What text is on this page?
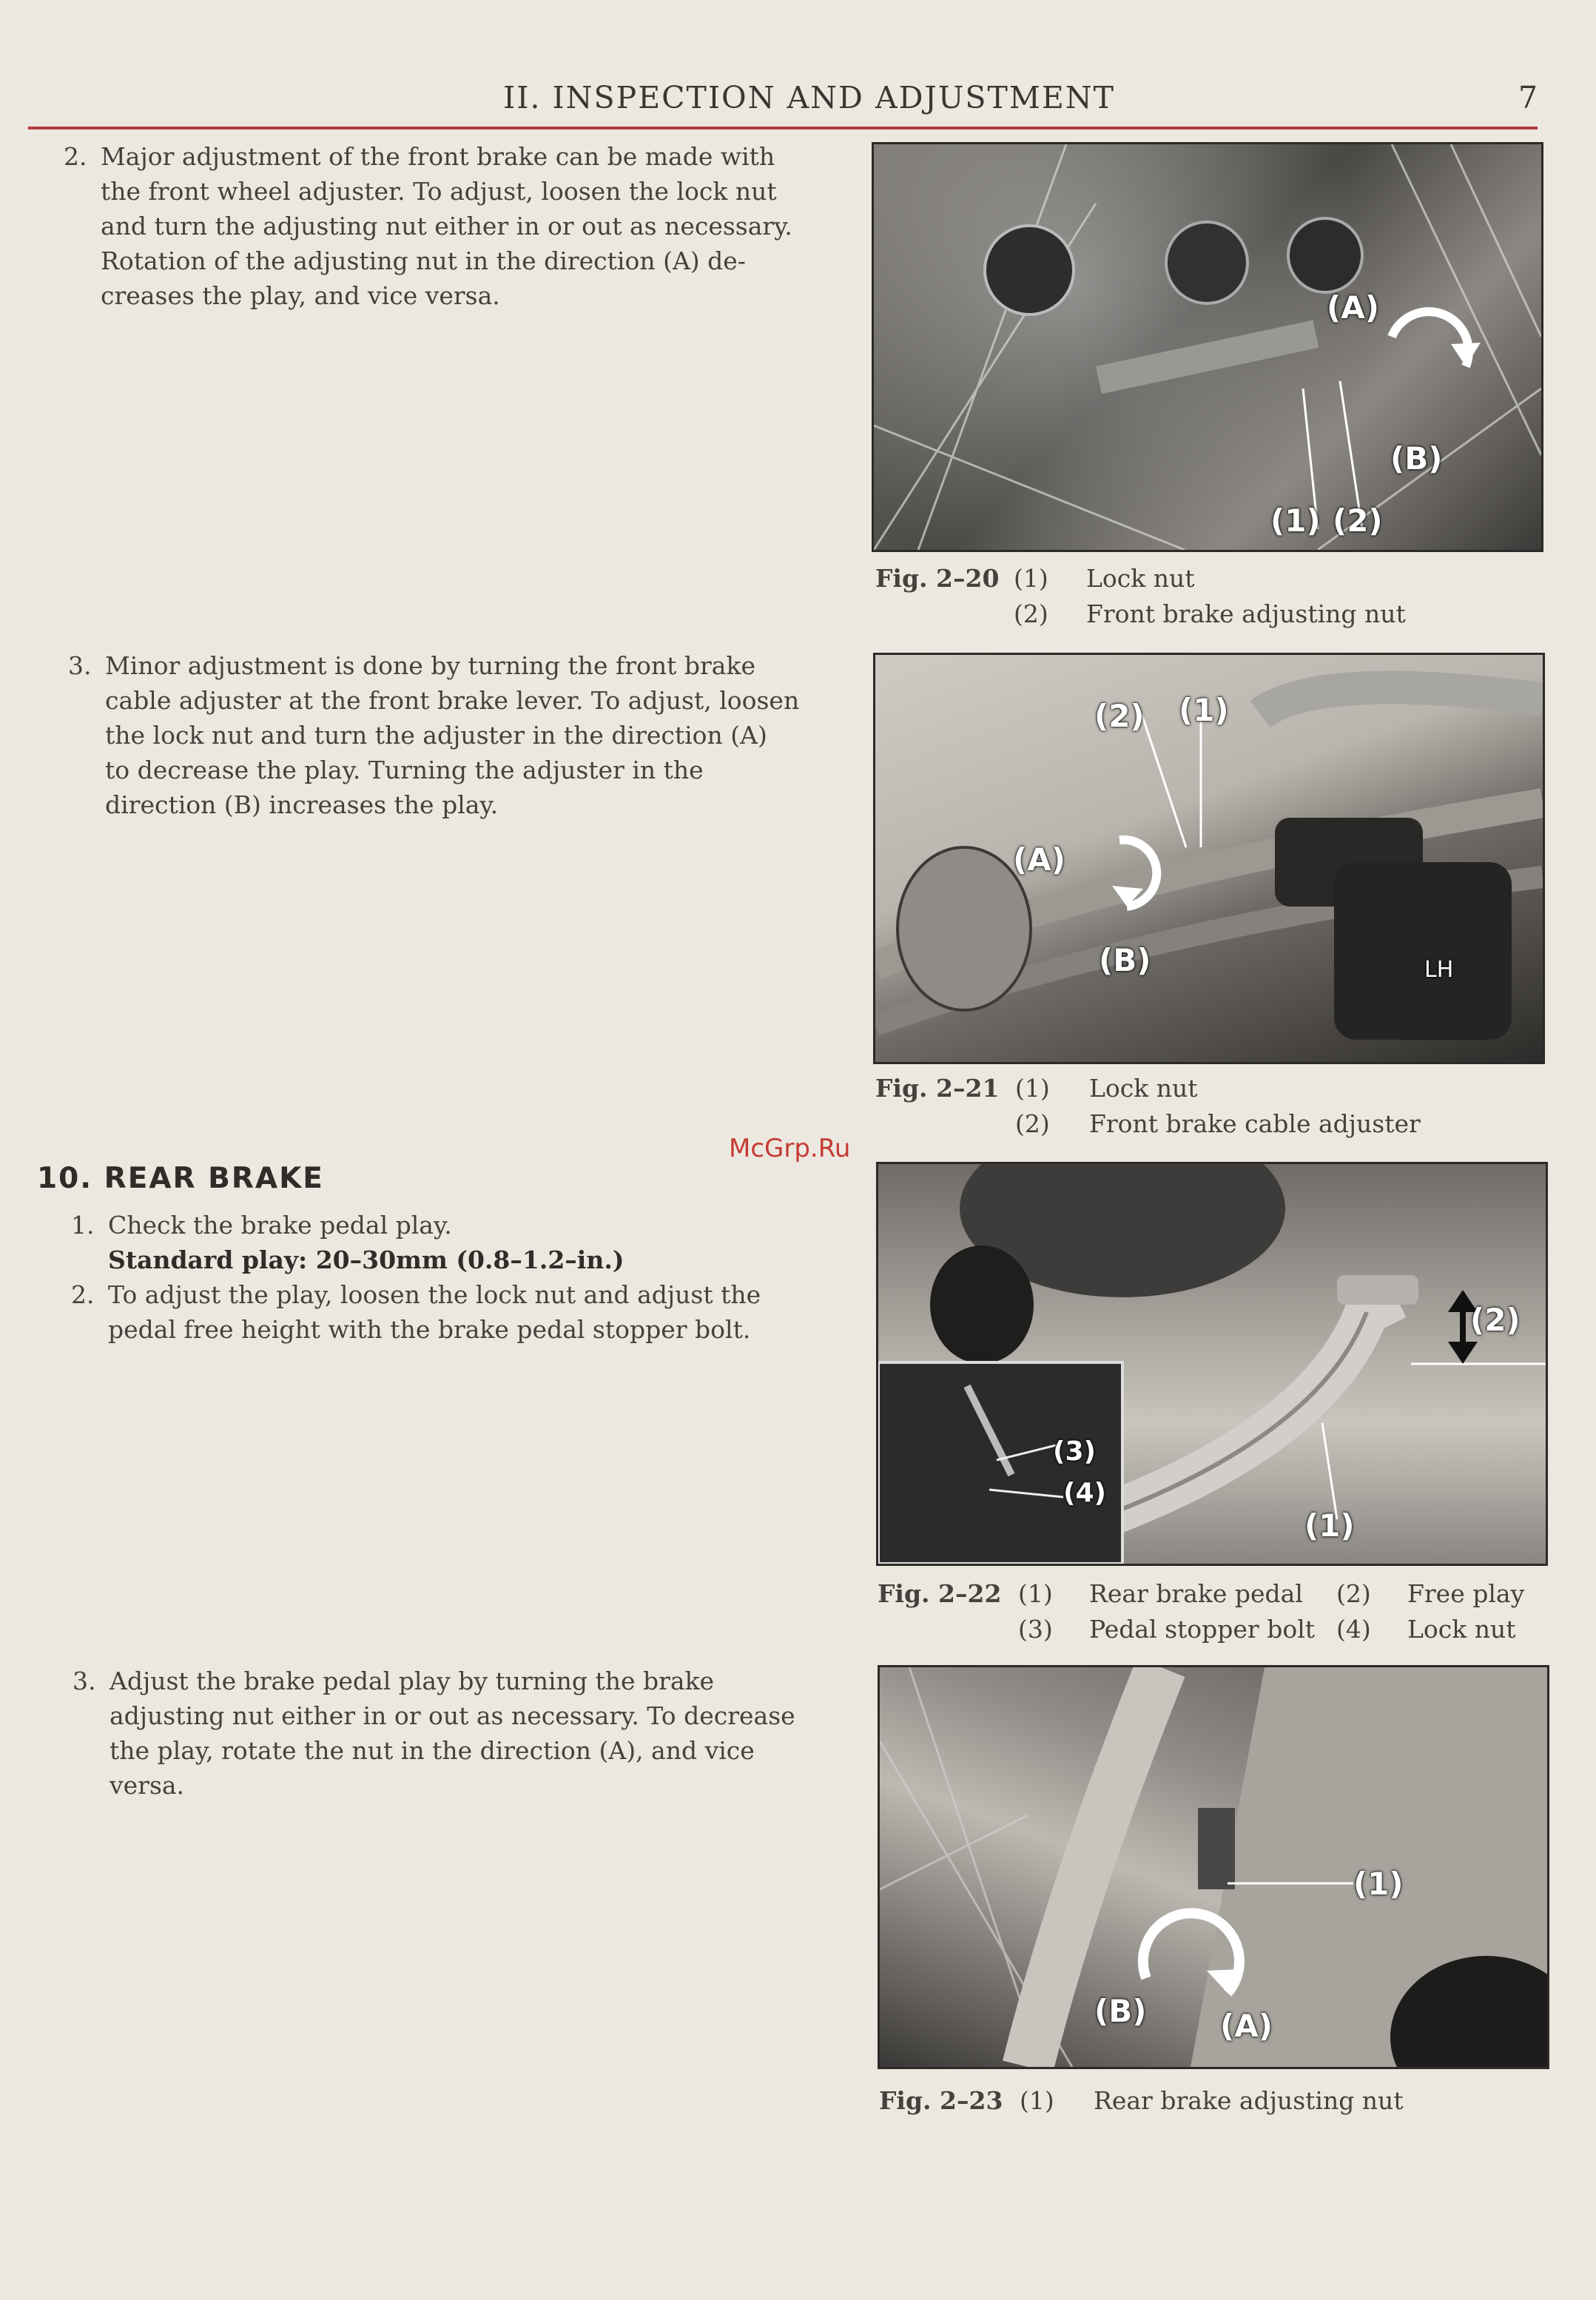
II. INSPECTION AND ADJUSTMENT	7
2. Major adjustment of the front brake can be made with
the front wheel adjuster. To adjust, loosen the lock nut
and turn the adjusting nut either in or out as necessary.
Rotation of the adjusting nut in the direction (A) de-
creases the play, and vice versa.	(A)
(B)
(1) (2)
Fig. 2–20 (1) Lock nut
(2) Front brake adjusting nut
3. Minor adjustment is done by turning the front brake
cable adjuster at the front brake lever. To adjust, loosen
the lock nut and turn the adjuster in the direction (A)
to decrease the play. Turning the adjuster in the
direction (B) increases the play.
(2) (1)
(A)
(B)	LH
Fig. 2–21 (1) Lock nut
(2) Front brake cable adjuster
McGrp.Ru
10. REAR BRAKE
1. Check the brake pedal play.
Standard play: 20–30mm (0.8–1.2–in.)
2. To adjust the play, loosen the lock nut and adjust the
pedal free height with the brake pedal stopper bolt.	(2)
(3)
(4)
(1)
Fig. 2–22 (1) Rear brake pedal (2) Free play
(3) Pedal stopper bolt (4) Lock nut
3. Adjust the brake pedal play by turning the brake
adjusting nut either in or out as necessary. To decrease
the play, rotate the nut in the direction (A), and vice
versa.
(1)
(B) (A)
Fig. 2–23 (1) Rear brake adjusting nut
